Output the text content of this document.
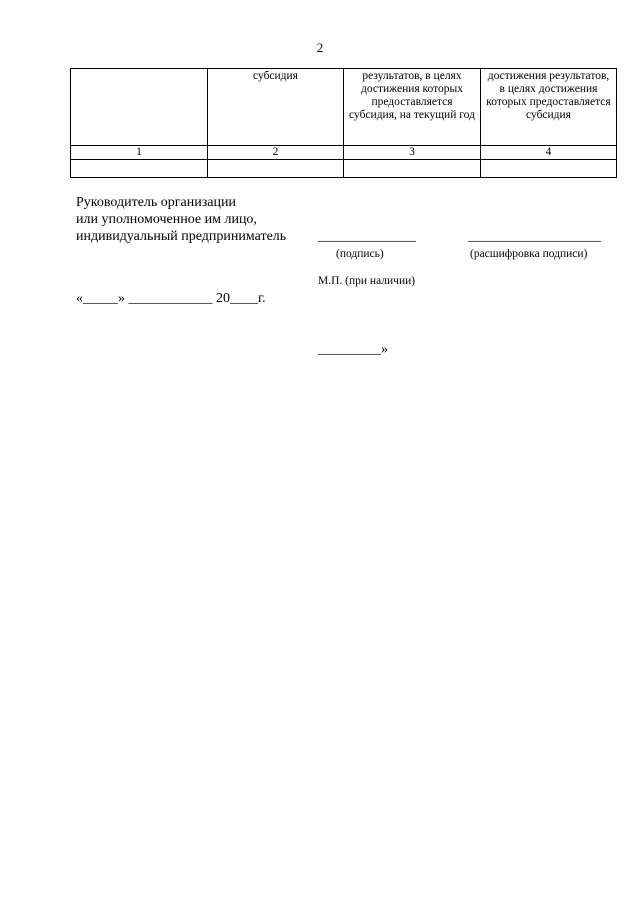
2
	субсидия	результатов, в целях достижения которых предоставляется субсидия, на текущий год	достижения результатов, в целях достижения которых предоставляется субсидия
1	2	3	4

Руководитель организации
или уполномоченное им лицо,
индивидуальный предприниматель ______________
(подпись)
___________________
(расшифровка подписи)
М.П. (при наличии)
«_____» ____________ 20____г.
_________»
